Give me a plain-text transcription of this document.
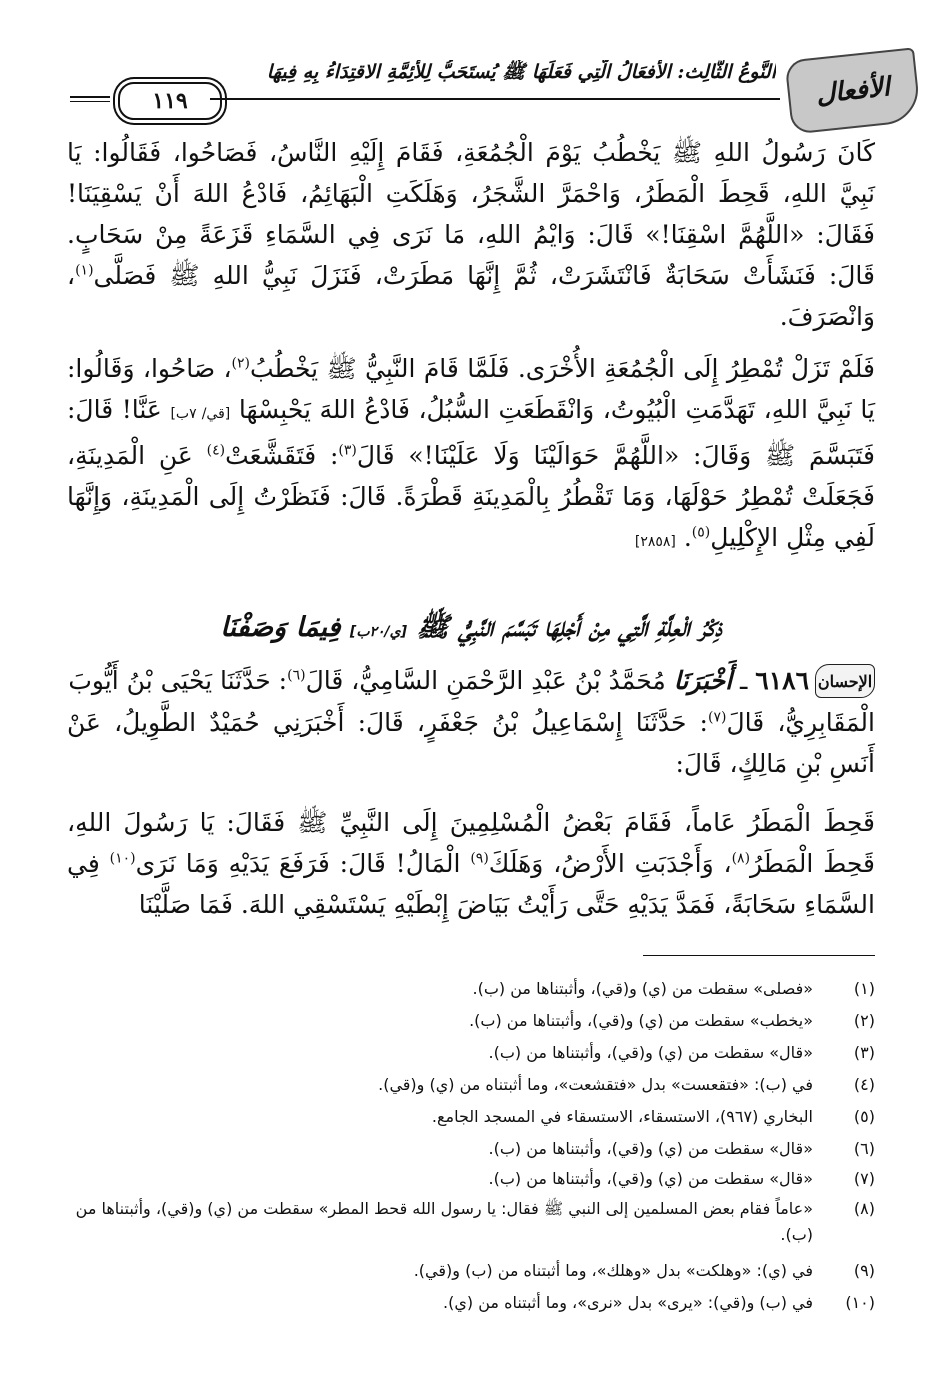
الأفعال
النَّوعُ الثَّالِث: الأفعَالُ الَّتِي فَعَلَهَا ﷺ يُستَحَبُّ لِلأئِمَّةِ الاقتِدَاءُ بِهِ فِيهَا
١١٩

كَانَ رَسُولُ اللهِ ﷺ يَخْطُبُ يَوْمَ الْجُمُعَةِ، فَقَامَ إِلَيْهِ النَّاسُ، فَصَاحُوا، فَقَالُوا: يَا نَبِيَّ اللهِ، قَحِطَ الْمَطَرُ، وَاحْمَرَّ الشَّجَرُ، وَهَلَكَتِ الْبَهَائِمُ، فَادْعُ اللهَ أَنْ يَسْقِيَنَا! فَقَالَ: «اللَّهُمَّ اسْقِنَا!» قَالَ: وَايْمُ اللهِ، مَا نَرَى فِي السَّمَاءِ قَزَعَةً مِنْ سَحَابٍ. قَالَ: فَنَشَأَتْ سَحَابَةٌ فَانْتَشَرَتْ، ثُمَّ إِنَّهَا مَطَرَتْ، فَنَزَلَ نَبِيُّ اللهِ ﷺ فَصَلَّى$^{(١)}$، وَانْصَرَفَ.

فَلَمْ تَزَلْ تُمْطِرُ إِلَى الْجُمُعَةِ الأُخْرَى. فَلَمَّا قَامَ النَّبِيُّ ﷺ يَخْطُبُ$^{(٢)}$، صَاحُوا، وَقَالُوا: يَا نَبِيَّ اللهِ، تَهَدَّمَتِ الْبُيُوتُ، وَانْقَطَعَتِ السُّبُلُ، فَادْعُ اللهَ يَحْبِسْهَا [قي/ ٧ب] عَنَّا! قَالَ: فَتَبَسَّمَ ﷺ وَقَالَ: «اللَّهُمَّ حَوَالَيْنَا وَلَا عَلَيْنَا!» قَالَ$^{(٣)}$: فَتَقَشَّعَتْ$^{(٤)}$ عَنِ الْمَدِينَةِ، فَجَعَلَتْ تُمْطِرُ حَوْلَهَا، وَمَا تَقْطُرُ بِالْمَدِينَةِ قَطْرَةً. قَالَ: فَنَظَرْتُ إِلَى الْمَدِينَةِ، وَإِنَّهَا لَفِي مِثْلِ الإِكْلِيلِ$^{(٥)}$. [٢٨٥٨]

ذِكْرُ الْعِلَّةِ الَّتِي مِنْ أَجْلِهَا تَبَسَّمَ النَّبِيُّ ﷺ [ي/٢٠ب] فِيمَا وَصَفْنَا
الإحسان
٦١٨٦ ـ أَخْبَرَنَا مُحَمَّدُ بْنُ عَبْدِ الرَّحْمَنِ السَّامِيُّ، قَالَ$^{(٦)}$: حَدَّثَنَا يَحْيَى بْنُ أَيُّوبَ

الْمَقَابِرِيُّ، قَالَ$^{(٧)}$: حَدَّثَنَا إِسْمَاعِيلُ بْنُ جَعْفَرٍ، قَالَ: أَخْبَرَنِي حُمَيْدٌ الطَّوِيلُ، عَنْ أَنَسِ بْنِ مَالِكٍ، قَالَ:

قَحِطَ الْمَطَرُ عَاماً، فَقَامَ بَعْضُ الْمُسْلِمِينَ إِلَى النَّبِيِّ ﷺ فَقَالَ: يَا رَسُولَ اللهِ، قَحِطَ الْمَطَرُ$^{(٨)}$، وَأَجْدَبَتِ الأَرْضُ، وَهَلَكَ$^{(٩)}$ الْمَالُ! قَالَ: فَرَفَعَ يَدَيْهِ وَمَا نَرَى$^{(١٠)}$ فِي السَّمَاءِ سَحَابَةً، فَمَدَّ يَدَيْهِ حَتَّى رَأَيْتُ بَيَاضَ إِبْطَيْهِ يَسْتَسْقِي اللهَ. فَمَا صَلَّيْنَا

(١)
«فصلى» سقطت من (ي) و(قي)، وأثبتناها من (ب).
(٢)
«يخطب» سقطت من (ي) و(قي)، وأثبتناها من (ب).
(٣)
«قال» سقطت من (ي) و(قي)، وأثبتناها من (ب).
(٤)
في (ب): «فتقعست» بدل «فتقشعت»، وما أثبتناه من (ي) و(قي).
(٥)
البخاري (٩٦٧)، الاستسقاء، الاستسقاء في المسجد الجامع.
(٦)
«قال» سقطت من (ي) و(قي)، وأثبتناها من (ب).
(٧)
«قال» سقطت من (ي) و(قي)، وأثبتناها من (ب).
(٨)
«عاماً فقام بعض المسلمين إلى النبي ﷺ فقال: يا رسول الله قحط المطر» سقطت من (ي) و(قي)، وأثبتناها من (ب).
(٩)
في (ي): «وهلكت» بدل «وهلك»، وما أثبتناه من (ب) و(قي).
(١٠)
في (ب) و(قي): «يرى» بدل «نرى»، وما أثبتناه من (ي).
